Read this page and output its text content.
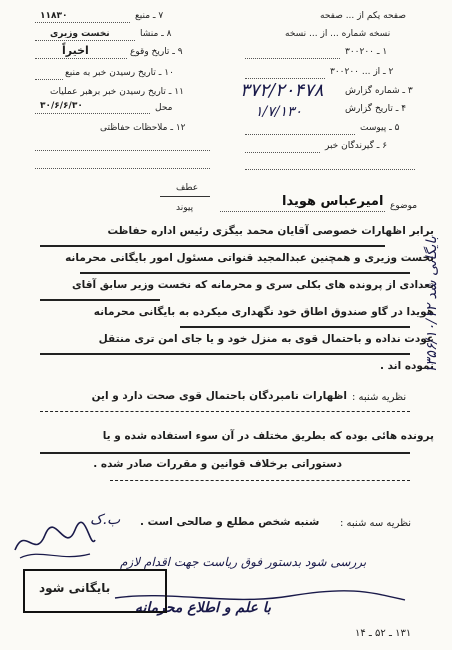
۷ ـ منبع
۱۱۸۳۰
۸ ـ منشا
نخست وزیری
۹ ـ تاریخ وقوع
اخیراً
۱۰ ـ تاریخ رسیدن خبر به منبع
۱۱ ـ تاریخ رسیدن خبر برهبر عملیات
محل
۳۰/۶/۶/۳۰
۱۲ ـ ملاحظات حفاظتی
صفحه یکم از ... صفحه
نسخه شماره ... از ... نسخه
۱ ـ ۳۰۰۲۰۰
۲ ـ از ... ۳۰۰۲۰۰
۳ ـ شماره گزارش
۳۷۲/۲۰۴۷۸
۴ ـ تاریخ گزارش
۱/۷/۱۳۰
۵ ـ پیوست
۶ ـ گیرندگان خبر
عطف
پیوند	موضوع
امیرعباس هویدا
برابر اظهارات خصوصی آقایان محمد بیگزی رئیس اداره حفاظت
نخست وزیری و همچنین عبدالمجید قنواتی مسئول امور بایگانی محرمانه
تعدادی از پرونده های بکلی سری و محرمانه که نخست وزیر سابق آقای
هویدا در گاو صندوق اطاق خود نگهداری میکرده به بایگانی محرمانه
عودت نداده و باحتمال قوی به منزل خود و یا جای امن تری منتقل
نموده اند .
نظریه شنبه :
اظهارات نامبردگان باحتمال قوی صحت دارد و این
پرونده هائی بوده که بطریق مختلف در آن سوء استفاده شده و یا
دستوراتی برخلاف قوانین و مقررات صادر شده .
نظریه سه شنبه :
شنبه شخص مطلع و صالحی است .
ب.ک
بررسی شود بدستور فوق ریاست جهت اقدام لازم
با علم و اطلاع محرمانه
بایگانی شود
۱۳۵۶/۱۰/۱۲ بایگانی شد
۱۳۱ ـ ۵۲ ـ ۱۴
